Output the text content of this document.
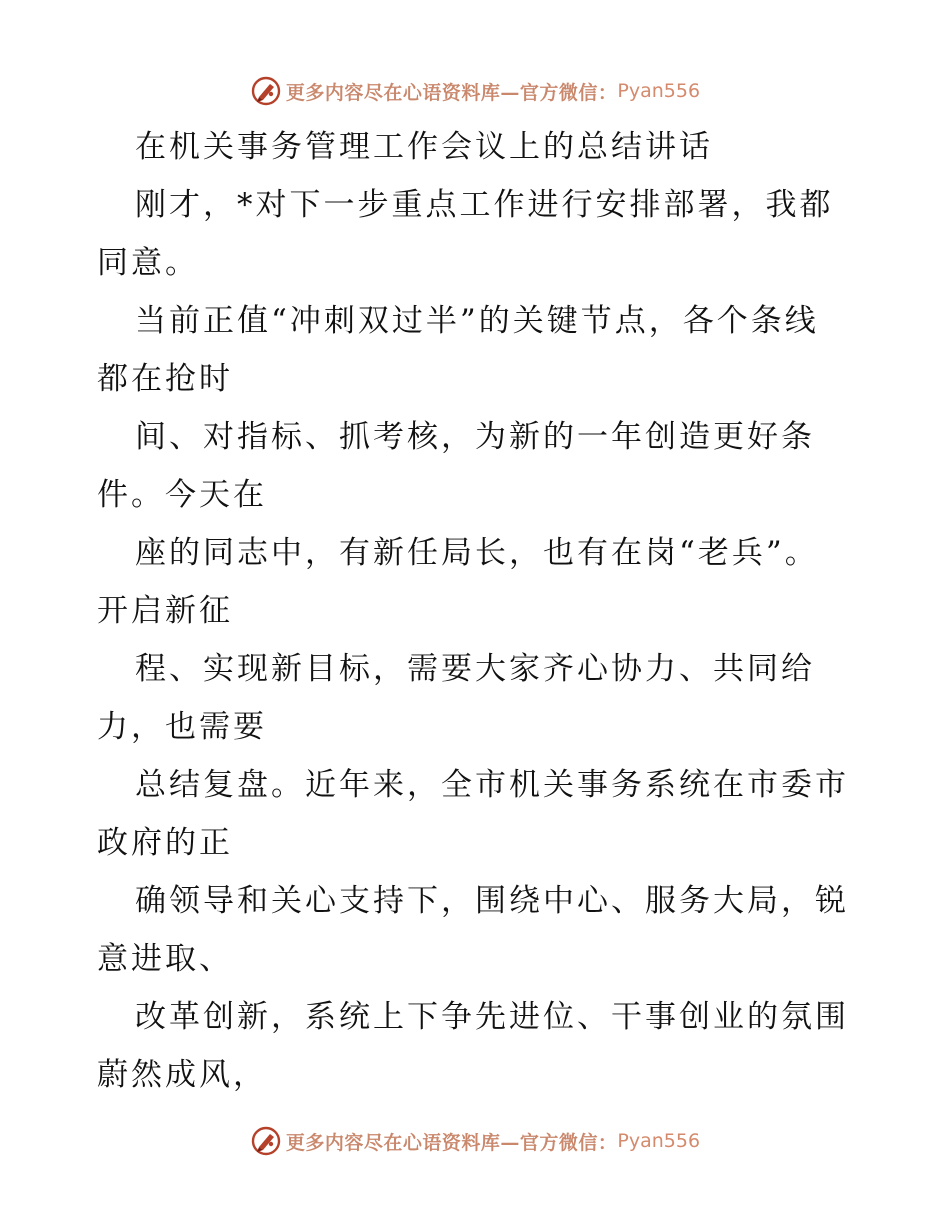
更多内容尽在心语资料库—官方微信： Pyan556
在机关事务管理工作会议上的总结讲话
刚才，*对下一步重点工作进行安排部署，我都
同意。
当前正值“冲刺双过半”的关键节点，各个条线
都在抢时
间、对指标、抓考核，为新的一年创造更好条
件。今天在
座的同志中，有新任局长，也有在岗“老兵”。
开启新征
程、实现新目标，需要大家齐心协力、共同给
力，也需要
总结复盘。近年来，全市机关事务系统在市委市
政府的正
确领导和关心支持下，围绕中心、服务大局，锐
意进取、
改革创新，系统上下争先进位、干事创业的氛围
蔚然成风，
更多内容尽在心语资料库—官方微信： Pyan556
